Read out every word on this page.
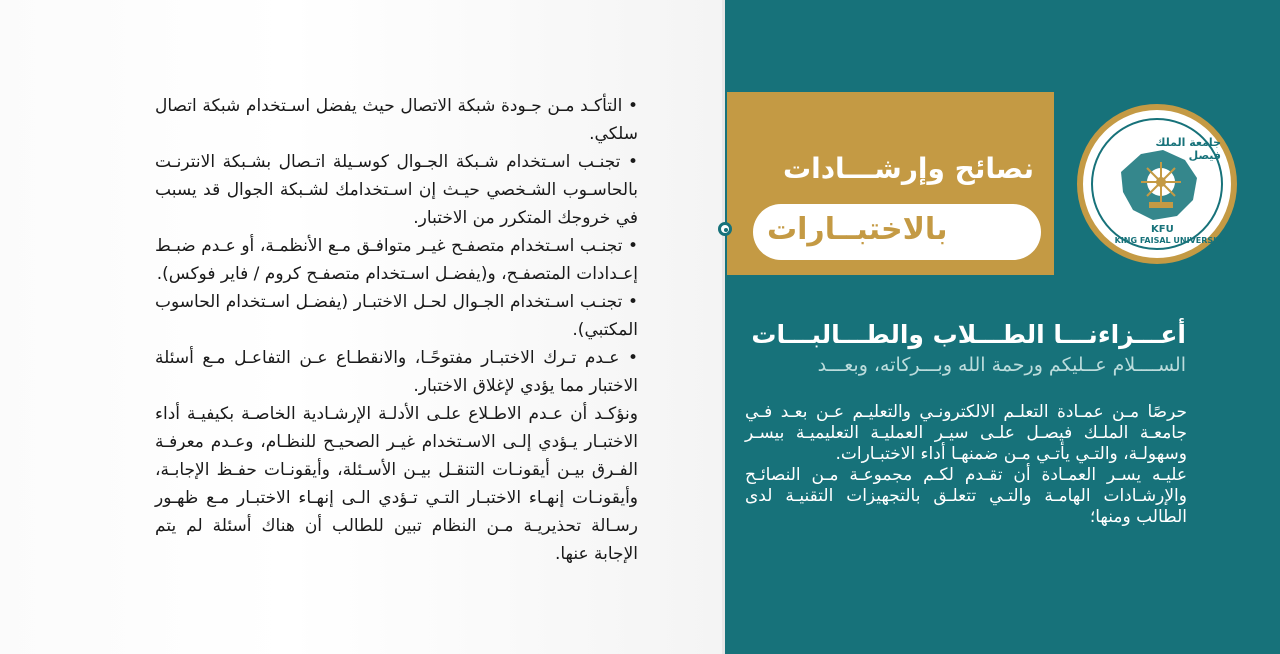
• التأكـد مـن جـودة شبكة الاتصال حيث يفضل اسـتخدام شبكة اتصال سلكي.

• تجنـب اسـتخدام شـبكة الجـوال كوسـيلة اتـصال بشـبكة الانترنـت بالحاسـوب الشـخصي حيـث إن اسـتخدامك لشـبكة الجوال قد يسبب في خروجك المتكرر من الاختبار.

• تجنـب اسـتخدام متصفـح غيـر متوافـق مـع الأنظمـة، أو عـدم ضبـط إعـدادات المتصفـح، و(يفضـل اسـتخدام متصفـح كروم / فاير فوكس).

• تجنـب اسـتخدام الجـوال لحـل الاختبـار (يفضـل اسـتخدام الحاسوب المكتبي).

• عـدم تـرك الاختبـار مفتوحًـا، والانقطـاع عـن التفاعـل مـع أسئلة الاختبار مما يؤدي لإغلاق الاختبار.

ونؤكـد أن عـدم الاطـلاع علـى الأدلـة الإرشـادية الخاصـة بكيفيـة أداء الاختبـار يـؤدي إلـى الاسـتخدام غيـر الصحيـح للنظـام، وعـدم معرفـة الفـرق بيـن أيقونـات التنقـل بيـن الأسـئلة، وأيقونـات حفـظ الإجابـة، وأيقونـات إنهـاء الاختبـار التـي تـؤدي الـى إنهـاء الاختبـار مـع ظهـور رسـالة تحذيريـة مـن النظام تبين للطالب أن هناك أسئلة لم يتم الإجابة عنها.

جامعة الملك فيصل
KFU
KING FAISAL UNIVERSITY
أعـــزاءنـــا الطـــلاب والطـــالبـــات
الســــلام عــليكم ورحمة الله وبـــركاته، وبعـــد

حرصًا مـن عمـادة التعلـم الالكترونـي والتعليـم عـن بعـد فـي جامعـة الملـك فيصـل علـى سيـر العمليـة التعليميـة بيسـر وسهولـة، والتـي يأتـي مـن ضمنهـا أداء الاختبـارات.

عليـه يسـر العمـادة أن تقـدم لكـم مجموعـة مـن النصائـح والإرشـادات الهامـة والتـي تتعلـق بالتجهيزات التقنيـة لدى الطالب ومنها؛

نصائح وإرشـــادات
خاصة
بالاختبــارات
